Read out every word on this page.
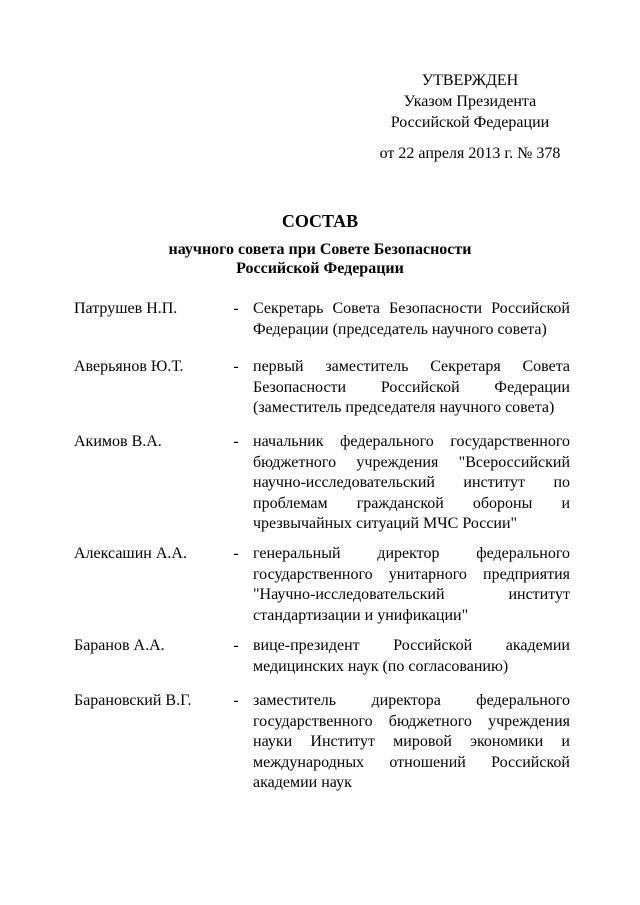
УТВЕРЖДЕН
Указом Президента
Российской Федерации
от 22 апреля 2013 г. № 378
СОСТАВ
научного совета при Совете Безопасности
Российской Федерации
Патрушев Н.П.	- Секретарь Совета Безопасности Российской Федерации (председатель научного совета)
Аверьянов Ю.Т.	- первый заместитель Секретаря Совета Безопасности Российской Федерации (заместитель председателя научного совета)
Акимов В.А.	- начальник федерального государственного бюджетного учреждения "Всероссийский научно-исследовательский институт по проблемам гражданской обороны и чрезвычайных ситуаций МЧС России"
Алексашин А.А.	- генеральный директор федерального государственного унитарного предприятия "Научно-исследовательский институт стандартизации и унификации"
Баранов А.А.	- вице-президент Российской академии медицинских наук (по согласованию)
Барановский В.Г.	- заместитель директора федерального государственного бюджетного учреждения науки Институт мировой экономики и международных отношений Российской академии наук
